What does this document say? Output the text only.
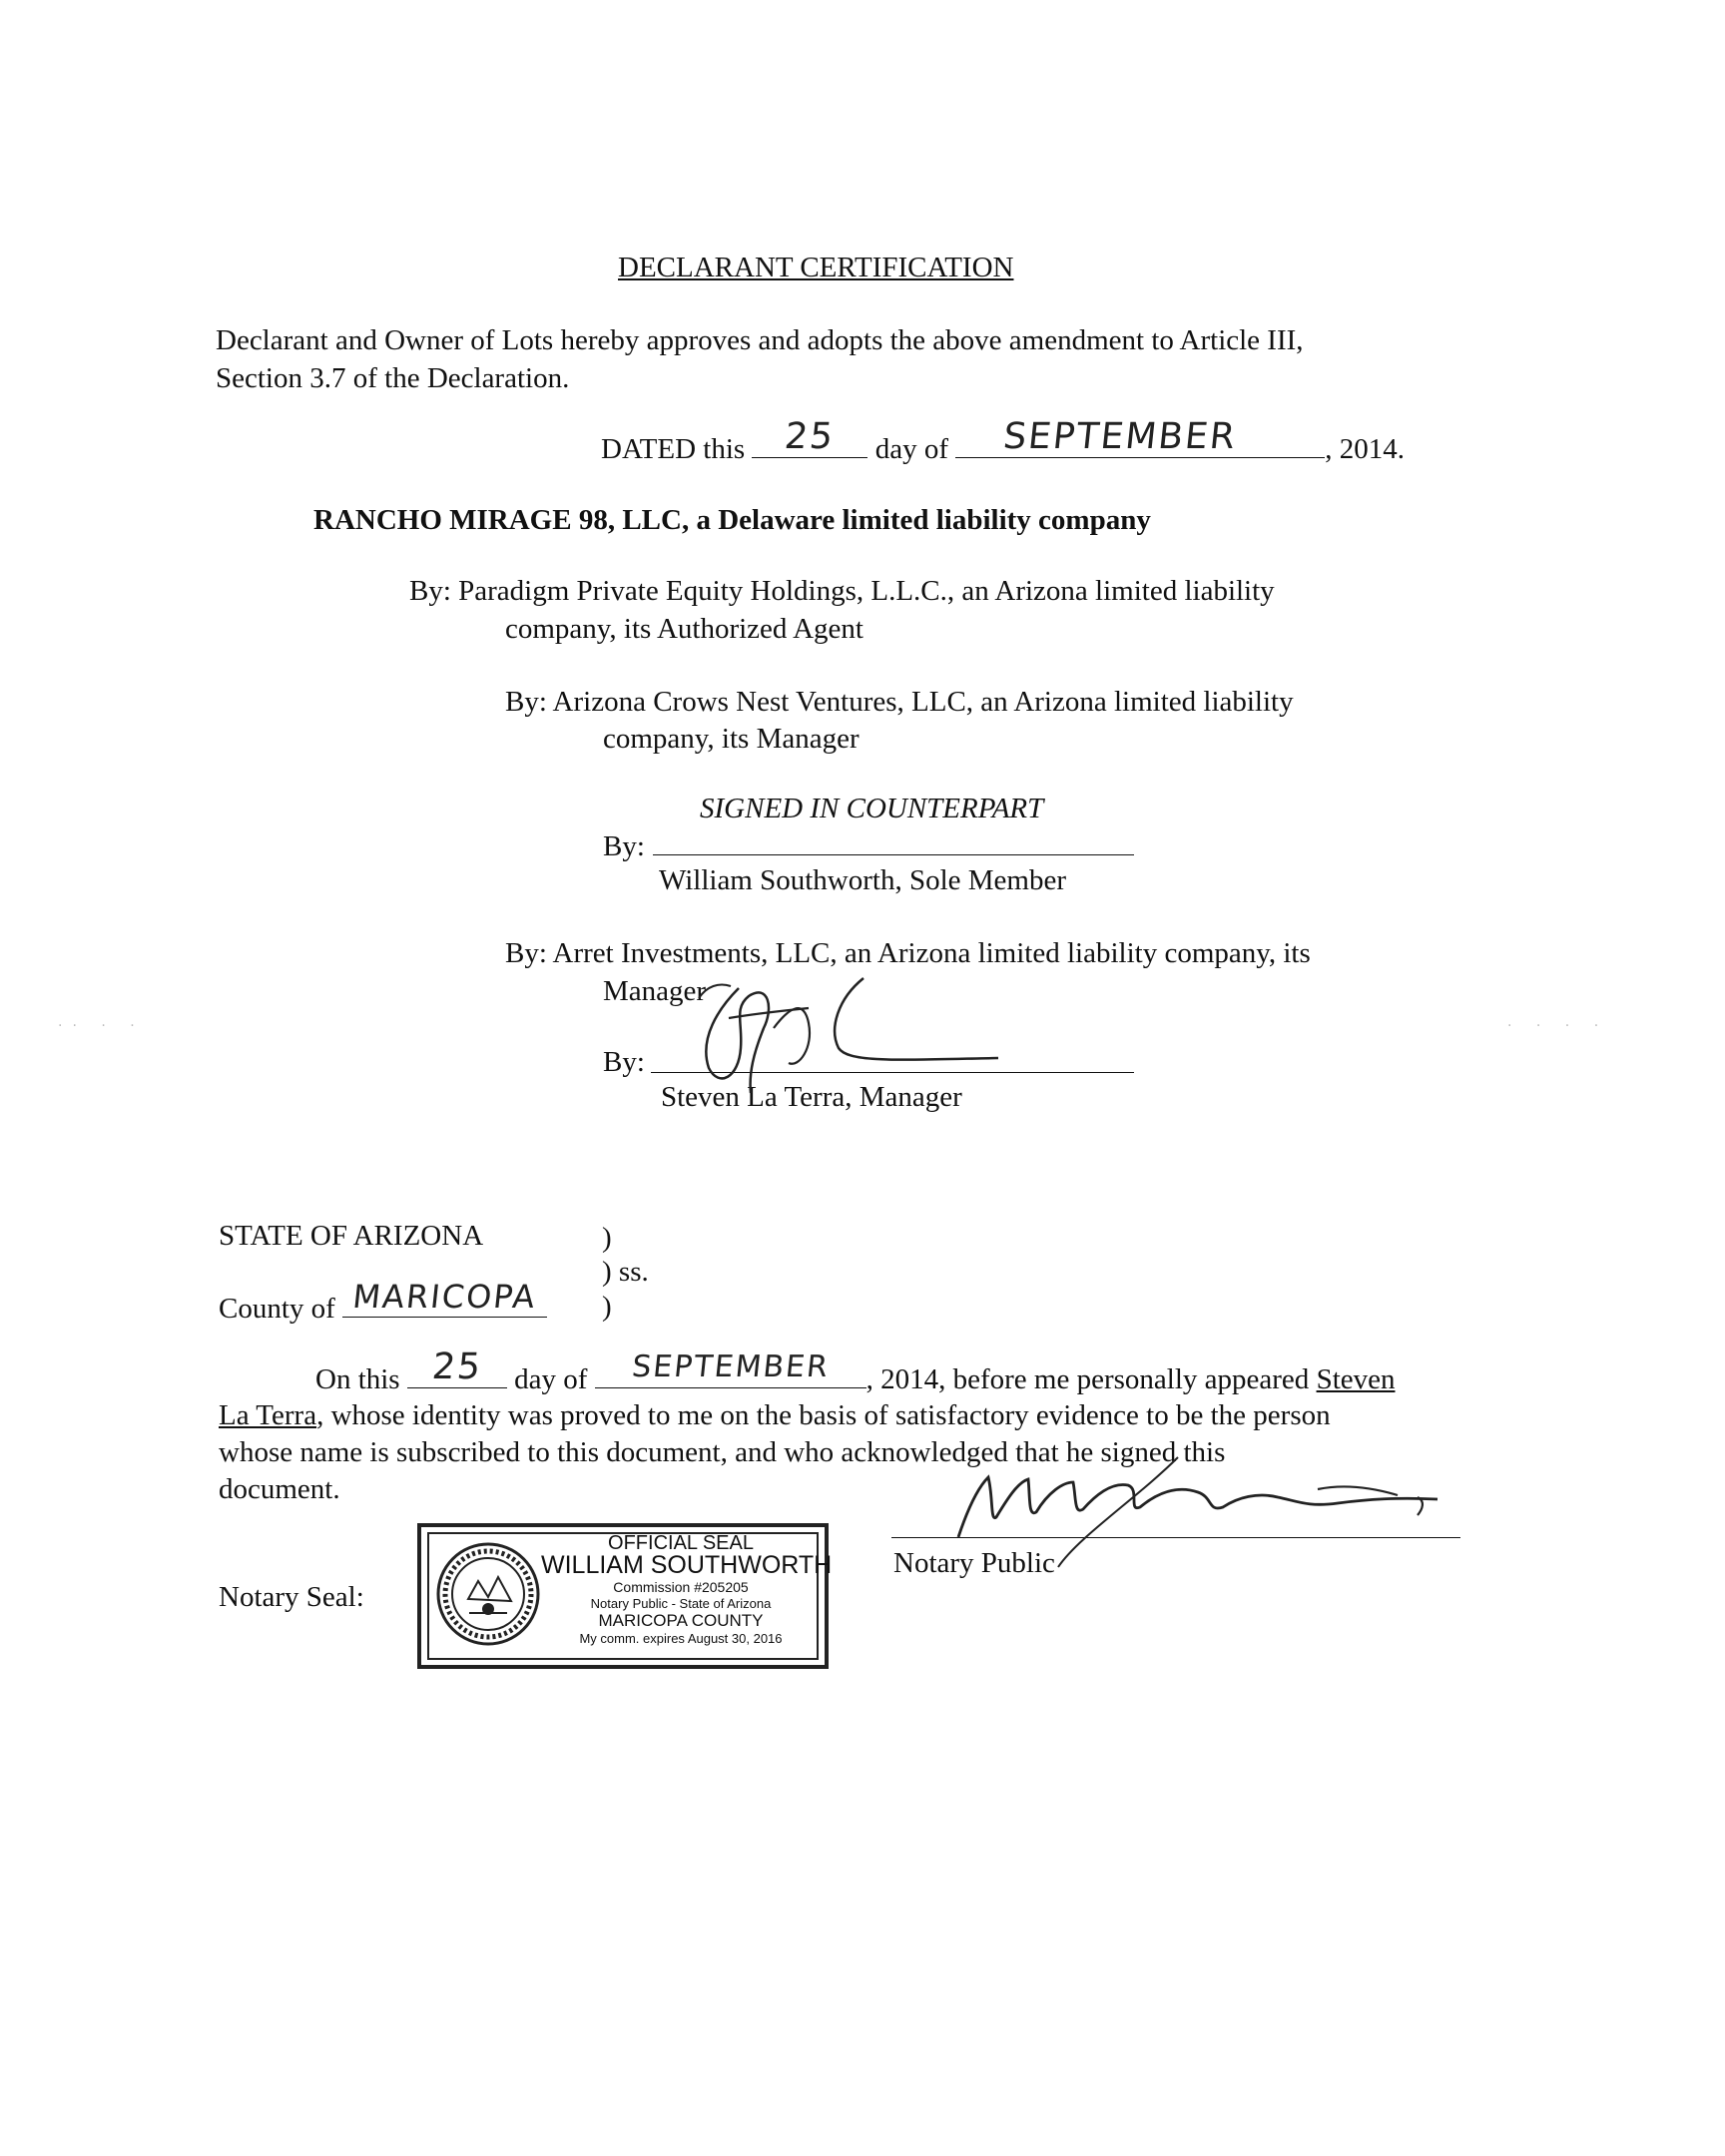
·· · ·	· · · ·
DECLARANT CERTIFICATION
Declarant and Owner of Lots hereby approves and adopts the above amendment to Article III,
Section 3.7 of the Declaration.
DATED this	25	day of	SEPTEMBER	, 2014.
RANCHO MIRAGE 98, LLC, a Delaware limited liability company
By: Paradigm Private Equity Holdings, L.L.C., an Arizona limited liability
company, its Authorized Agent
By: Arizona Crows Nest Ventures, LLC, an Arizona limited liability
company, its Manager
SIGNED IN COUNTERPART
By:
William Southworth, Sole Member
By: Arret Investments, LLC, an Arizona limited liability company, its
Manager
By:
Steven La Terra, Manager
STATE OF ARIZONA	)
) ss.
)
County of MARICOPA
On this 25	day of	SEPTEMBER	, 2014, before me personally appeared Steven
La Terra, whose identity was proved to me on the basis of satisfactory evidence to be the person
whose name is subscribed to this document, and who acknowledged that he signed this
document.
Notary Public
Notary Seal:
OFFICIAL SEAL
WILLIAM SOUTHWORTH
Commission #205205
Notary Public - State of Arizona
MARICOPA COUNTY
My comm. expires August 30, 2016
